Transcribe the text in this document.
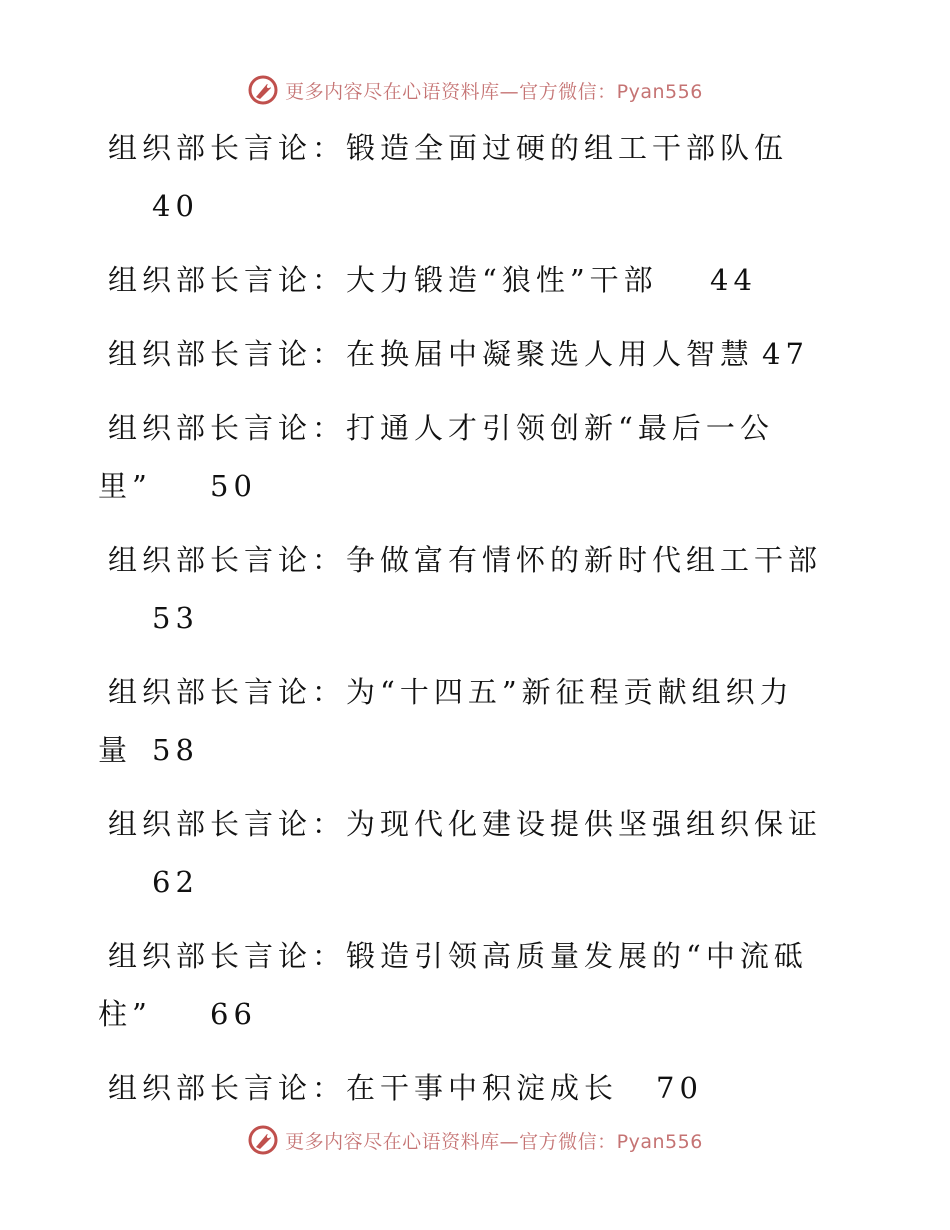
更多内容尽在心语资料库—官方微信：Pyan556
组织部长言论：锻造全面过硬的组工干部队伍
40
组织部长言论：大力锻造“狼性”干部 44
组织部长言论：在换届中凝聚选人用人智慧 47
组织部长言论：打通人才引领创新“最后一公
里” 50
组织部长言论：争做富有情怀的新时代组工干部
53
组织部长言论：为“十四五”新征程贡献组织力
量 58
组织部长言论：为现代化建设提供坚强组织保证
62
组织部长言论：锻造引领高质量发展的“中流砥
柱” 66
组织部长言论：在干事中积淀成长 70
更多内容尽在心语资料库—官方微信：Pyan556
